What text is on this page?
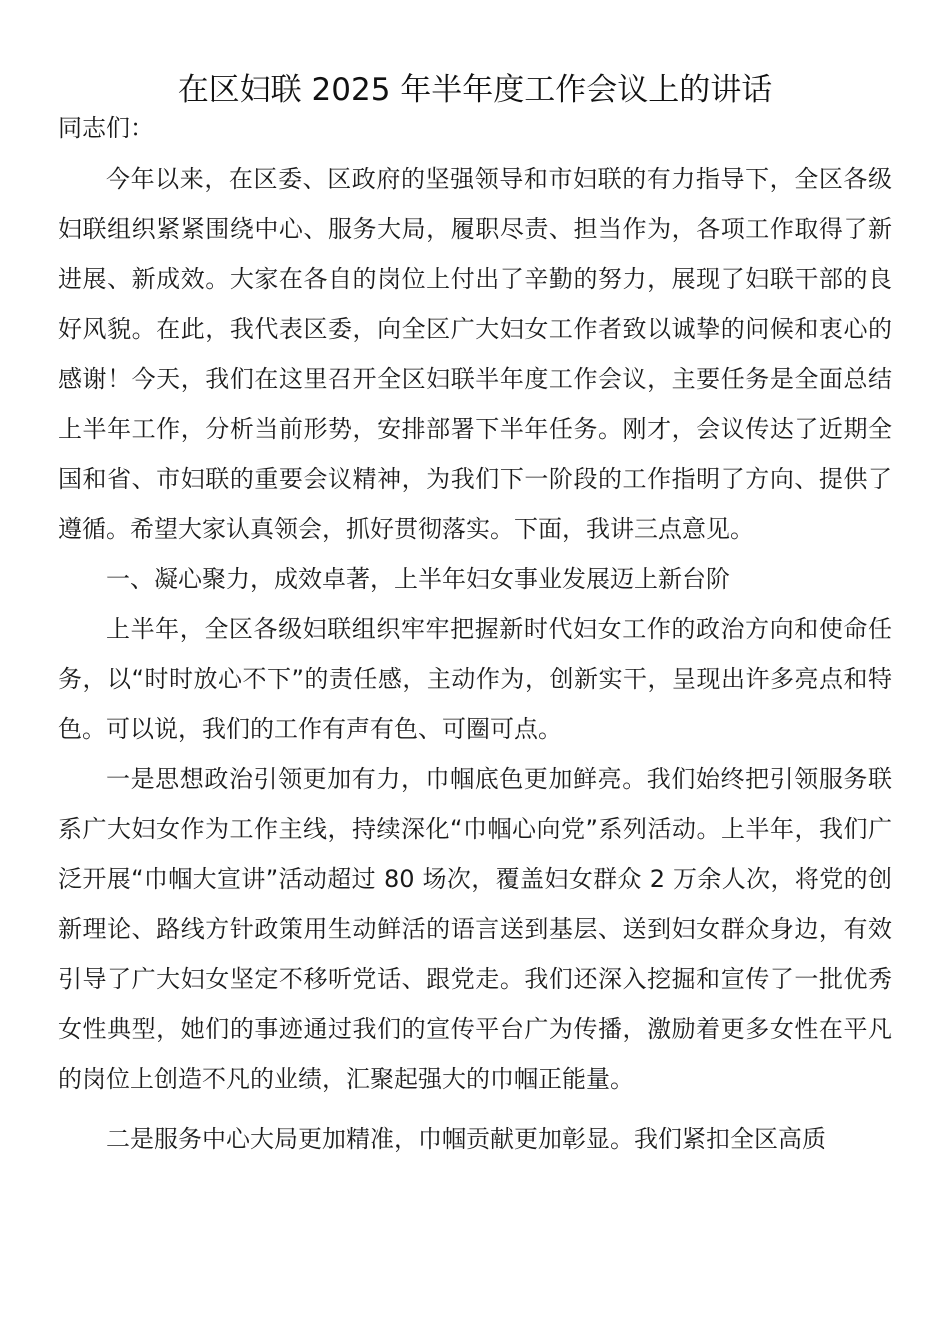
在区妇联 2025 年半年度工作会议上的讲话

同志们：

今年以来，在区委、区政府的坚强领导和市妇联的有力指导下，全区各级妇联组织紧紧围绕中心、服务大局，履职尽责、担当作为，各项工作取得了新进展、新成效。大家在各自的岗位上付出了辛勤的努力，展现了妇联干部的良好风貌。在此，我代表区委，向全区广大妇女工作者致以诚挚的问候和衷心的感谢！今天，我们在这里召开全区妇联半年度工作会议，主要任务是全面总结上半年工作，分析当前形势，安排部署下半年任务。刚才，会议传达了近期全国和省、市妇联的重要会议精神，为我们下一阶段的工作指明了方向、提供了遵循。希望大家认真领会，抓好贯彻落实。下面，我讲三点意见。

一、凝心聚力，成效卓著，上半年妇女事业发展迈上新台阶

上半年，全区各级妇联组织牢牢把握新时代妇女工作的政治方向和使命任务，以“时时放心不下”的责任感，主动作为，创新实干，呈现出许多亮点和特色。可以说，我们的工作有声有色、可圈可点。

一是思想政治引领更加有力，巾帼底色更加鲜亮。我们始终把引领服务联系广大妇女作为工作主线，持续深化“巾帼心向党”系列活动。上半年，我们广泛开展“巾帼大宣讲”活动超过 80 场次，覆盖妇女群众 2 万余人次，将党的创新理论、路线方针政策用生动鲜活的语言送到基层、送到妇女群众身边，有效引导了广大妇女坚定不移听党话、跟党走。我们还深入挖掘和宣传了一批优秀女性典型，她们的事迹通过我们的宣传平台广为传播，激励着更多女性在平凡的岗位上创造不凡的业绩，汇聚起强大的巾帼正能量。

二是服务中心大局更加精准，巾帼贡献更加彰显。我们紧扣全区高质
